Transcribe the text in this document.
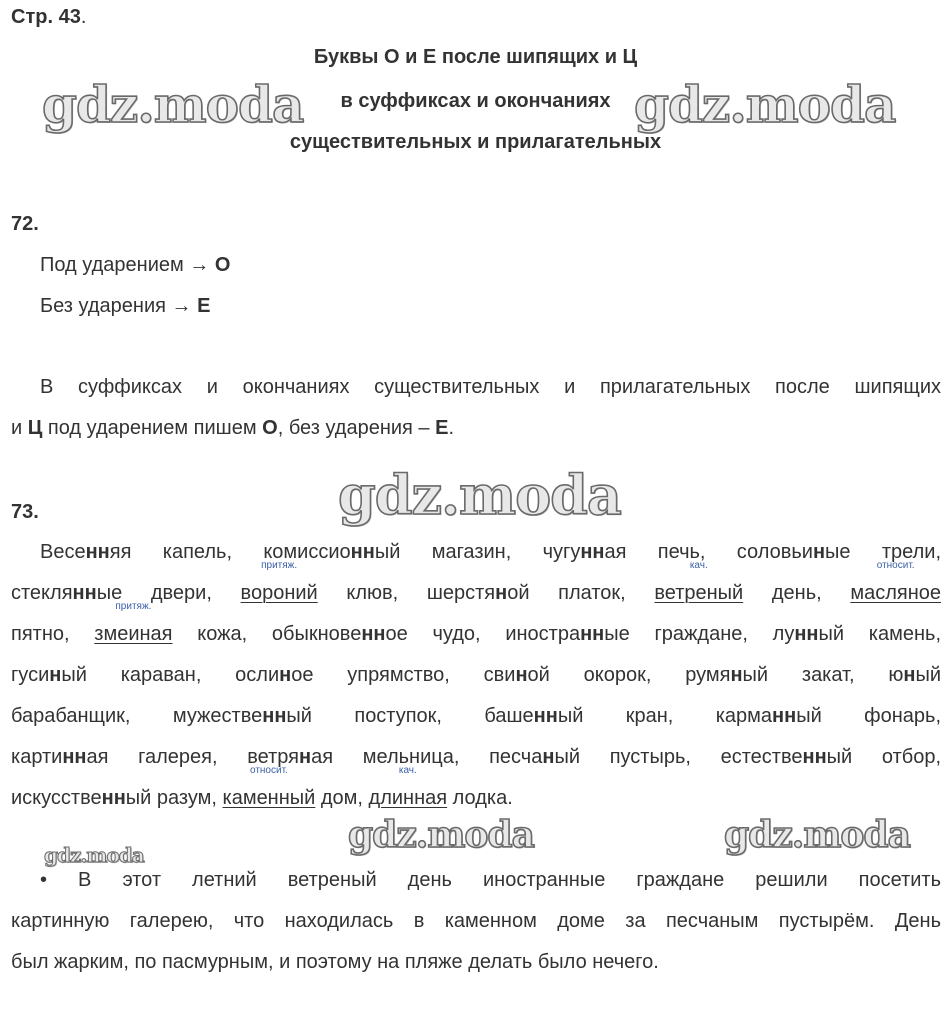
Стр. 43.
Буквы О и Е после шипящих и Ц
в суффиксах и окончаниях
существительных и прилагательных
gdz.moda	gdz.moda
gdz.moda
gdz.moda	gdz.moda
gdz.moda
72.
Под ударением → О
Без ударения → Е
В суффиксах и окончаниях существительных и прилагательных после шипящих
и Ц под ударением пишем О, без ударения – Е.
73.
Весенняя капель, комиссионный магазин, чугунная печь, соловьиные трели,
стеклянные двери,
притяж.
вороний клюв, шерстяной платок,
кач.
ветреный день,
относит.
масляное
пятно,
притяж.
змеиная кожа, обыкновенное чудо, иностранные граждане, лунный камень,
гусиный караван, ослиное упрямство, свиной окорок, румяный закат, юный
барабанщик, мужественный поступок, башенный кран, карманный фонарь,
картинная галерея, ветряная мельница, песчаный пустырь, естественный отбор,
искусственный разум,
относит.
каменный дом,
кач.
длинная лодка.
• В этот летний ветреный день иностранные граждане решили посетить
картинную галерею, что находилась в каменном доме за песчаным пустырём. День
был жарким, по пасмурным, и поэтому на пляже делать было нечего.
